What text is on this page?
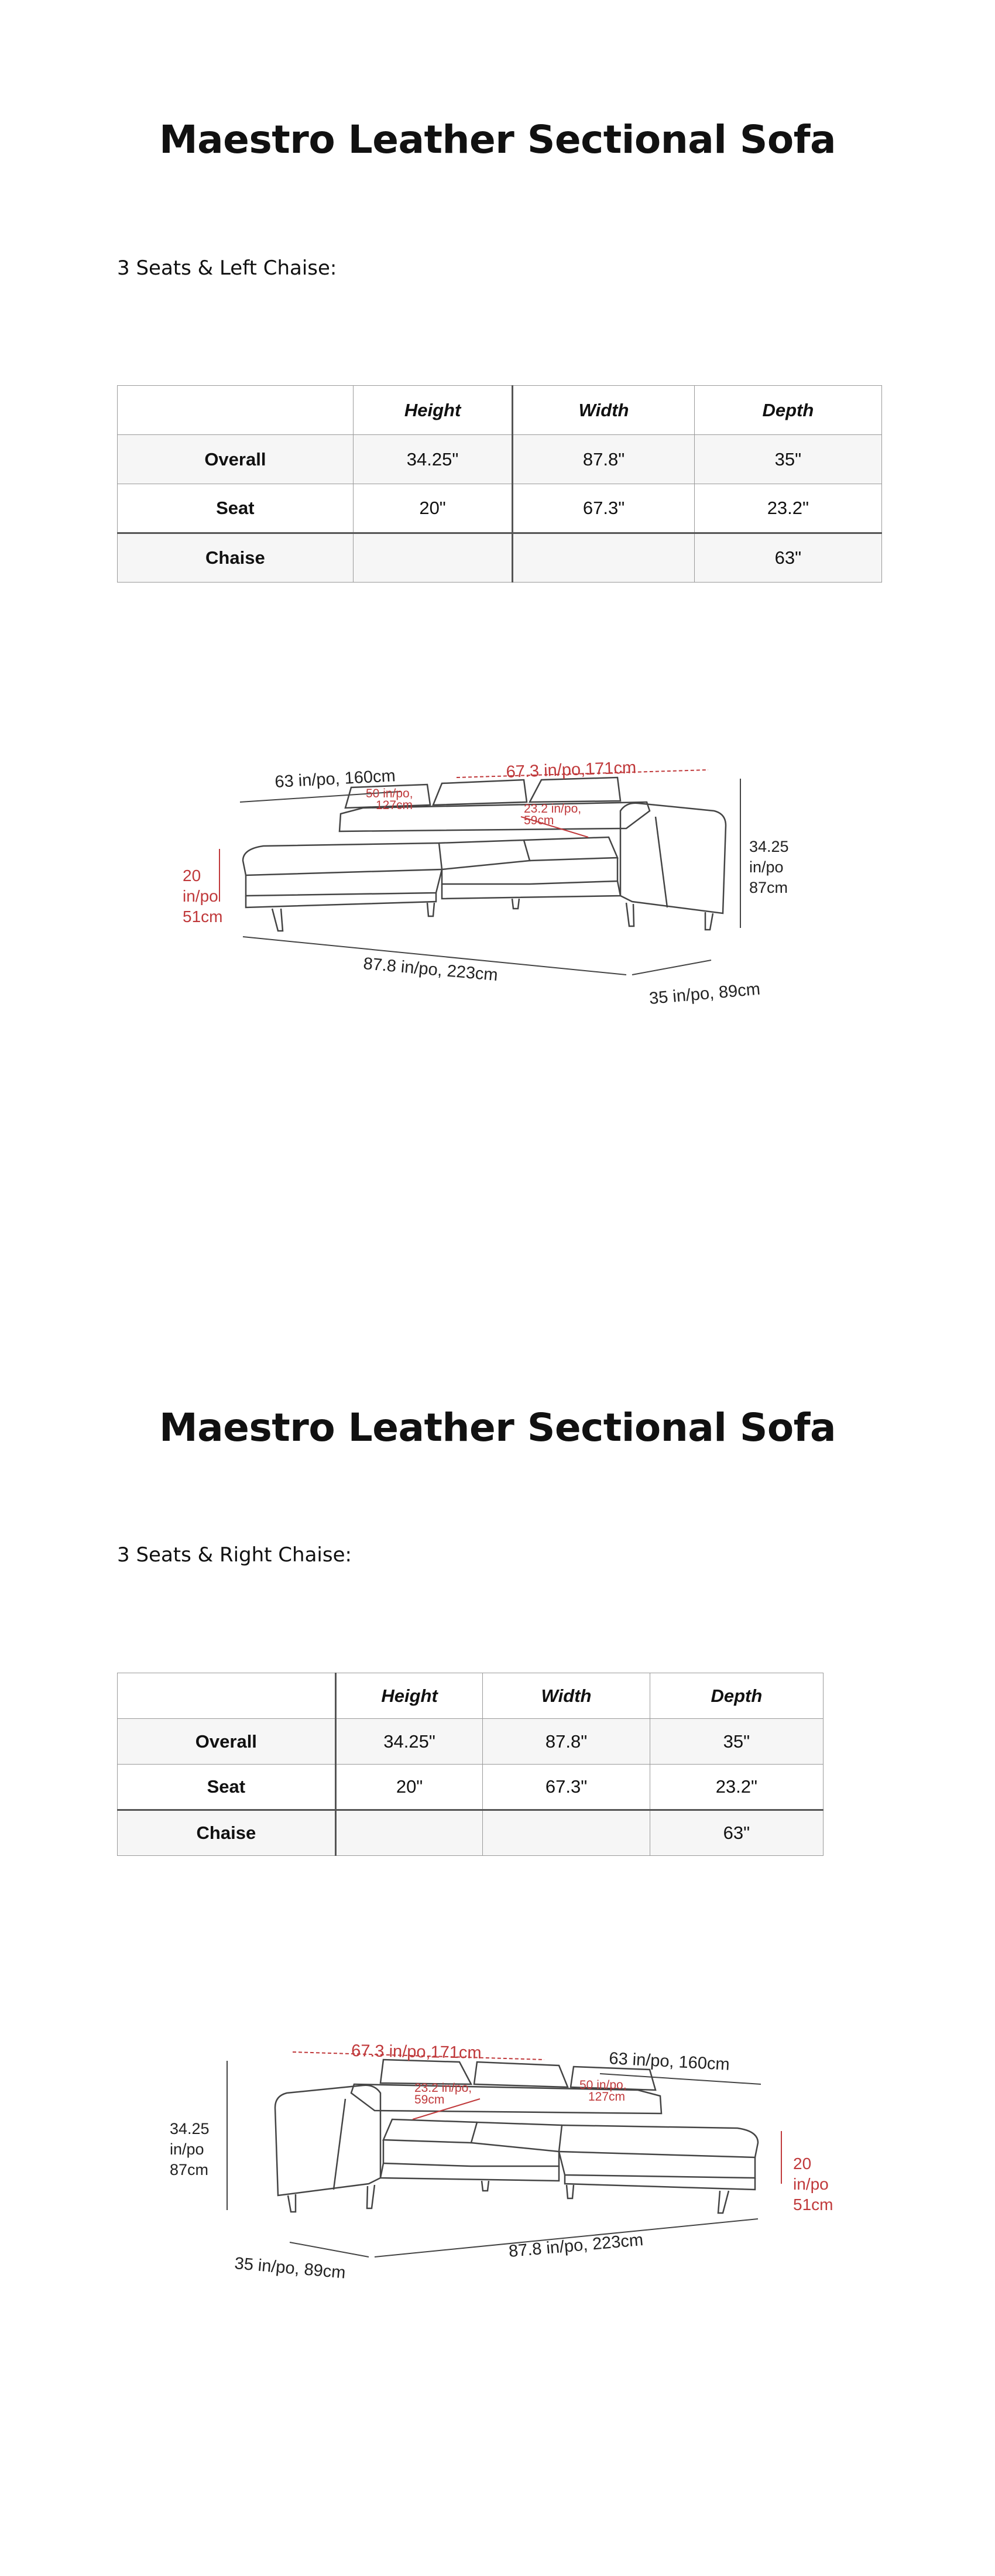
Maestro Leather Sectional Sofa
3 Seats & Left Chaise:
	Height	Width	Depth
Overall	34.25"	87.8"	35"
Seat	20"	67.3"	23.2"
Chaise			63"
63 in/po, 160cm	67.3 in/po,171cm
50 in/po,
127cm	23.2 in/po,
59cm
34.25
in/po
87cm
20
in/po
51cm
87.8 in/po, 223cm
35 in/po, 89cm
Maestro Leather Sectional Sofa
3 Seats & Right Chaise:
	Height	Width	Depth
Overall	34.25"	87.8"	35"
Seat	20"	67.3"	23.2"
Chaise			63"
63 in/po, 160cm
67.3 in/po,171cm
50 in/po,
127cm
23.2 in/po,
59cm
34.25
in/po
87cm	20
in/po
51cm
87.8 in/po, 223cm
35 in/po, 89cm
